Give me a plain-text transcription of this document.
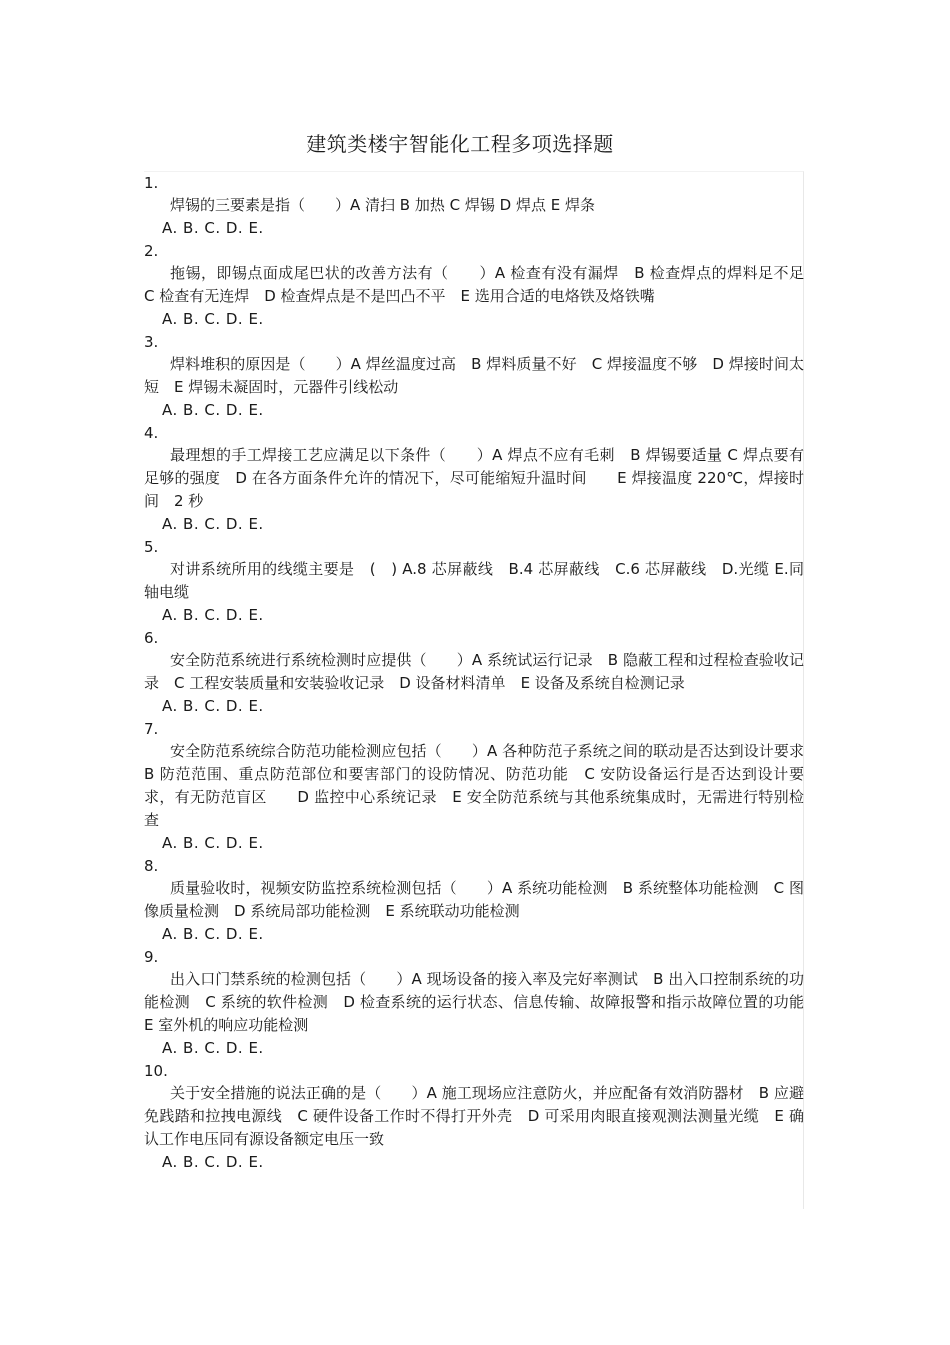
建筑类楼宇智能化工程多项选择题
1.
焊锡的三要素是指（　　）A 清扫 B 加热 C 焊锡 D 焊点 E 焊条
A. B. C. D. E.
2.
拖锡，即锡点面成尾巴状的改善方法有（　　）A 检查有没有漏焊　B 检查焊点的焊料足不足　C 检查有无连焊　D 检查焊点是不是凹凸不平　E 选用合适的电烙铁及烙铁嘴
A. B. C. D. E.
3.
焊料堆积的原因是（　　）A 焊丝温度过高　B 焊料质量不好　C 焊接温度不够　D 焊接时间太短　E 焊锡未凝固时，元器件引线松动
A. B. C. D. E.
4.
最理想的手工焊接工艺应满足以下条件（　　）A 焊点不应有毛刺　B 焊锡要适量 C 焊点要有足够的强度　D 在各方面条件允许的情况下，尽可能缩短升温时间　　E 焊接温度 220℃，焊接时间　2 秒
A. B. C. D. E.
5.
对讲系统所用的线缆主要是　(　) A.8 芯屏蔽线　B.4 芯屏蔽线　C.6 芯屏蔽线　D.光缆 E.同轴电缆
A. B. C. D. E.
6.
安全防范系统进行系统检测时应提供（　　）A 系统试运行记录　B 隐蔽工程和过程检查验收记录　C 工程安装质量和安装验收记录　D 设备材料清单　E 设备及系统自检测记录
A. B. C. D. E.
7.
安全防范系统综合防范功能检测应包括（　　）A 各种防范子系统之间的联动是否达到设计要求　B 防范范围、重点防范部位和要害部门的设防情况、防范功能　C 安防设备运行是否达到设计要求，有无防范盲区　　D 监控中心系统记录　E 安全防范系统与其他系统集成时，无需进行特别检查
A. B. C. D. E.
8.
质量验收时，视频安防监控系统检测包括（　　）A 系统功能检测　B 系统整体功能检测　C 图像质量检测　D 系统局部功能检测　E 系统联动功能检测
A. B. C. D. E.
9.
出入口门禁系统的检测包括（　　）A 现场设备的接入率及完好率测试　B 出入口控制系统的功能检测　C 系统的软件检测　D 检查系统的运行状态、信息传输、故障报警和指示故障位置的功能　E 室外机的响应功能检测
A. B. C. D. E.
10.
关于安全措施的说法正确的是（　　）A 施工现场应注意防火，并应配备有效消防器材　B 应避免践踏和拉拽电源线　C 硬件设备工作时不得打开外壳　D 可采用肉眼直接观测法测量光缆　E 确认工作电压同有源设备额定电压一致
A. B. C. D. E.
